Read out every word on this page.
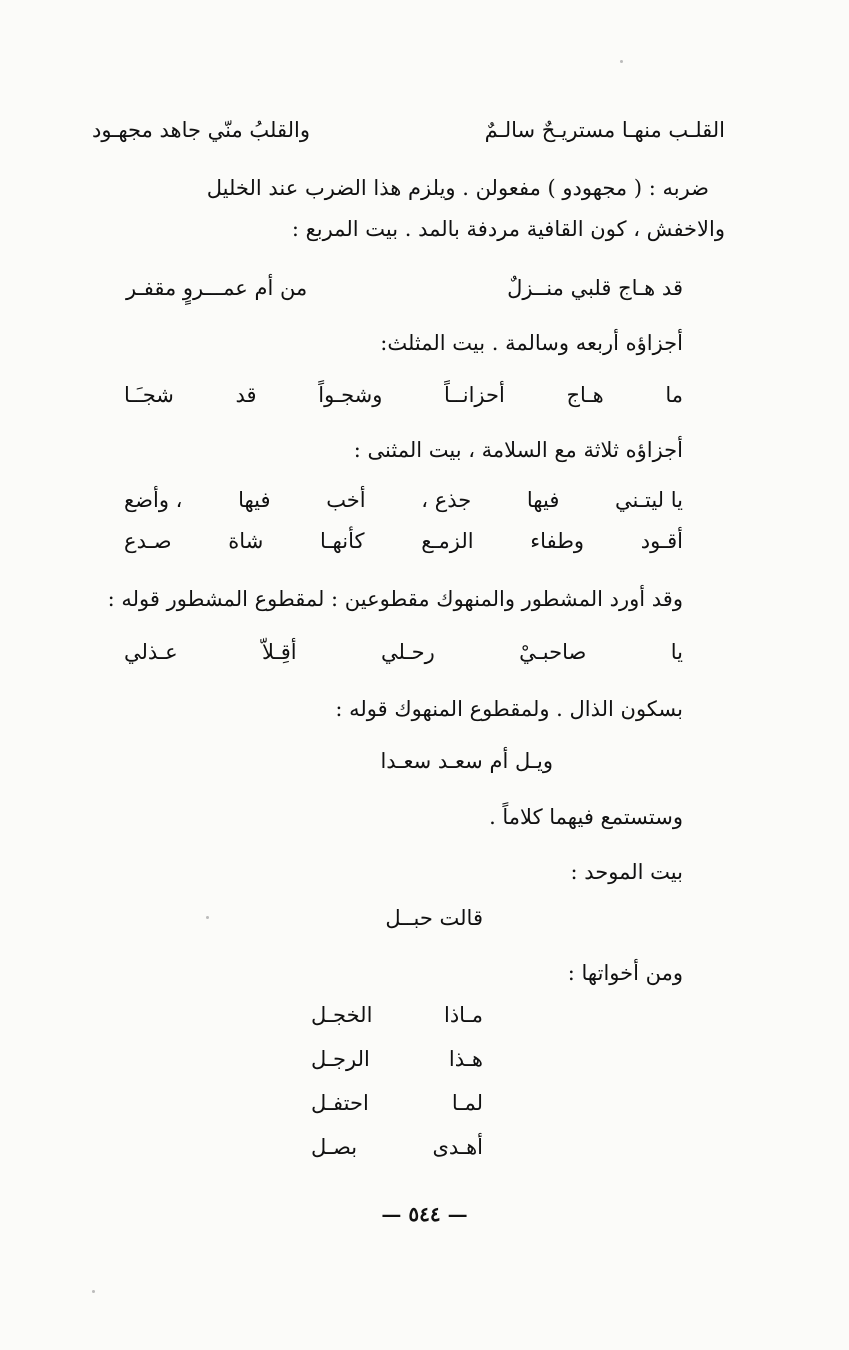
القلـب منهـا مستريـحٌ سالـمٌ
والقلبُ منّي جاهد مجهـود
ضربه : ( مجهودو ) مفعولن . ويلزم هذا الضرب عند الخليل
والاخفش ، كون القافية مردفة بالمد . بيت المربع :
قد هـاج قلبي منــزلٌ
من أم عمـــروٍ مقفـر
أجزاؤه أربعه وسالمة . بيت المثلث:
ما
هـاج
أحزانــاً
وشجـواً
قد
شجـَـا
أجزاؤه ثلاثة مع السلامة ، بيت المثنى :
يا ليتـني
فيها
جذع ،
أخب
فيها
، وأضع
أقـود
وطفاء
الزمـع
كأنهـا
شاة
صـدع
وقد أورد المشطور والمنهوك مقطوعين : لمقطوع المشطور قوله :
يا
صاحبـيْ
رحـلي
أقِـلاّ
عـذلي
بسكون الذال . ولمقطوع المنهوك قوله :
ويـل أم سعـد سعـدا
وستستمع فيهما كلاماً .
بيت الموحد :
قالت حبــل
ومن أخواتها :
مـاذا
الخجـل
هـذا
الرجـل
لمـا
احتفـل
أهـدى
بصـل
— ٥٤٤ —
